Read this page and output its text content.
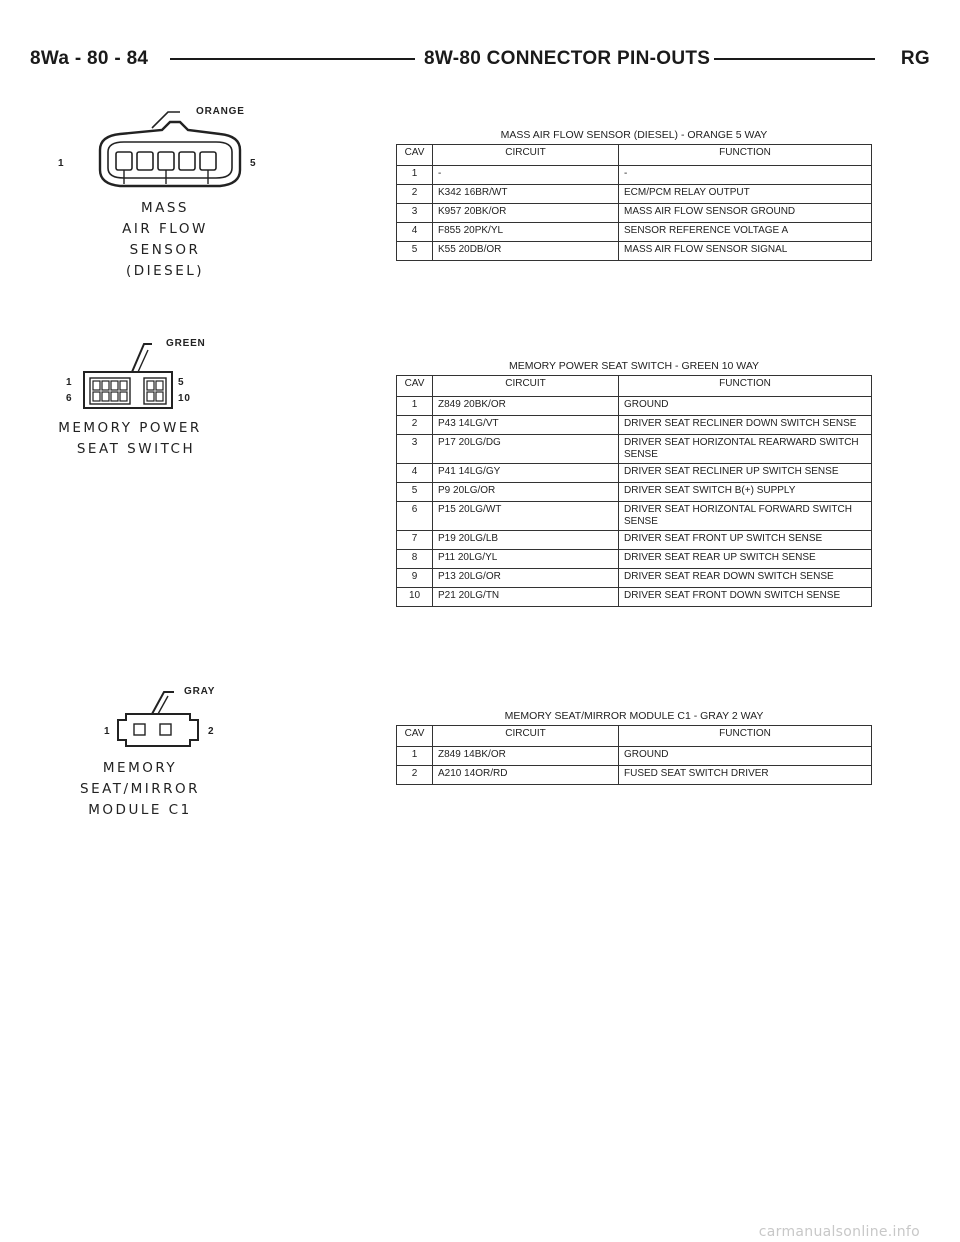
8Wa - 80 - 84	8W-80 CONNECTOR PIN-OUTS	RG
ORANGE
1	5
MASS
AIR FLOW
SENSOR
(DIESEL)
MASS AIR FLOW SENSOR (DIESEL) - ORANGE 5 WAY
CAV	CIRCUIT	FUNCTION
1	-	-
2	K342 16BR/WT	ECM/PCM RELAY OUTPUT
3	K957 20BK/OR	MASS AIR FLOW SENSOR GROUND
4	F855 20PK/YL	SENSOR REFERENCE VOLTAGE A
5	K55 20DB/OR	MASS AIR FLOW SENSOR SIGNAL
GREEN
1
6
5
10
MEMORY POWER
SEAT SWITCH
MEMORY POWER SEAT SWITCH - GREEN 10 WAY
CAV	CIRCUIT	FUNCTION
1	Z849 20BK/OR	GROUND
2	P43 14LG/VT	DRIVER SEAT RECLINER DOWN SWITCH SENSE
3	P17 20LG/DG	DRIVER SEAT HORIZONTAL REARWARD SWITCH SENSE
4	P41 14LG/GY	DRIVER SEAT RECLINER UP SWITCH SENSE
5	P9 20LG/OR	DRIVER SEAT SWITCH B(+) SUPPLY
6	P15 20LG/WT	DRIVER SEAT HORIZONTAL FORWARD SWITCH SENSE
7	P19 20LG/LB	DRIVER SEAT FRONT UP SWITCH SENSE
8	P11 20LG/YL	DRIVER SEAT REAR UP SWITCH SENSE
9	P13 20LG/OR	DRIVER SEAT REAR DOWN SWITCH SENSE
10	P21 20LG/TN	DRIVER SEAT FRONT DOWN SWITCH SENSE
GRAY
1	2
MEMORY SEAT/MIRROR
MODULE C1
MEMORY SEAT/MIRROR MODULE C1 - GRAY 2 WAY
CAV	CIRCUIT	FUNCTION
1	Z849 14BK/OR	GROUND
2	A210 14OR/RD	FUSED SEAT SWITCH DRIVER
carmanualsonline.info
